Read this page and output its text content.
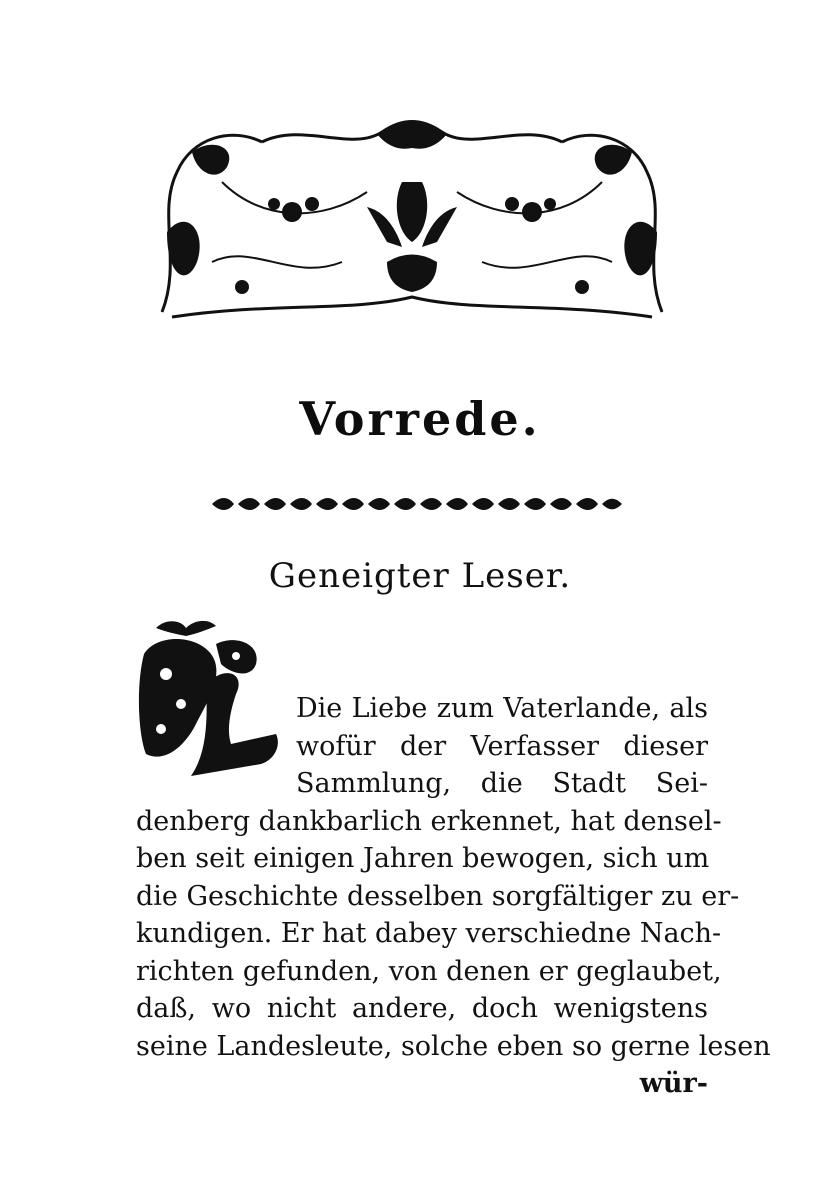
Vorrede.
Geneigter Leser.
Die Liebe zum Vaterlande, als
wofür der Verfasser dieser
Sammlung, die Stadt Sei-
denberg dankbarlich erkennet, hat densel-
ben seit einigen Jahren bewogen, sich um
die Geschichte desselben sorgfältiger zu er-
kundigen. Er hat dabey verschiedne Nach-
richten gefunden, von denen er geglaubet,
daß, wo nicht andere, doch wenigstens
seine Landesleute, solche eben so gerne lesen
wür-
